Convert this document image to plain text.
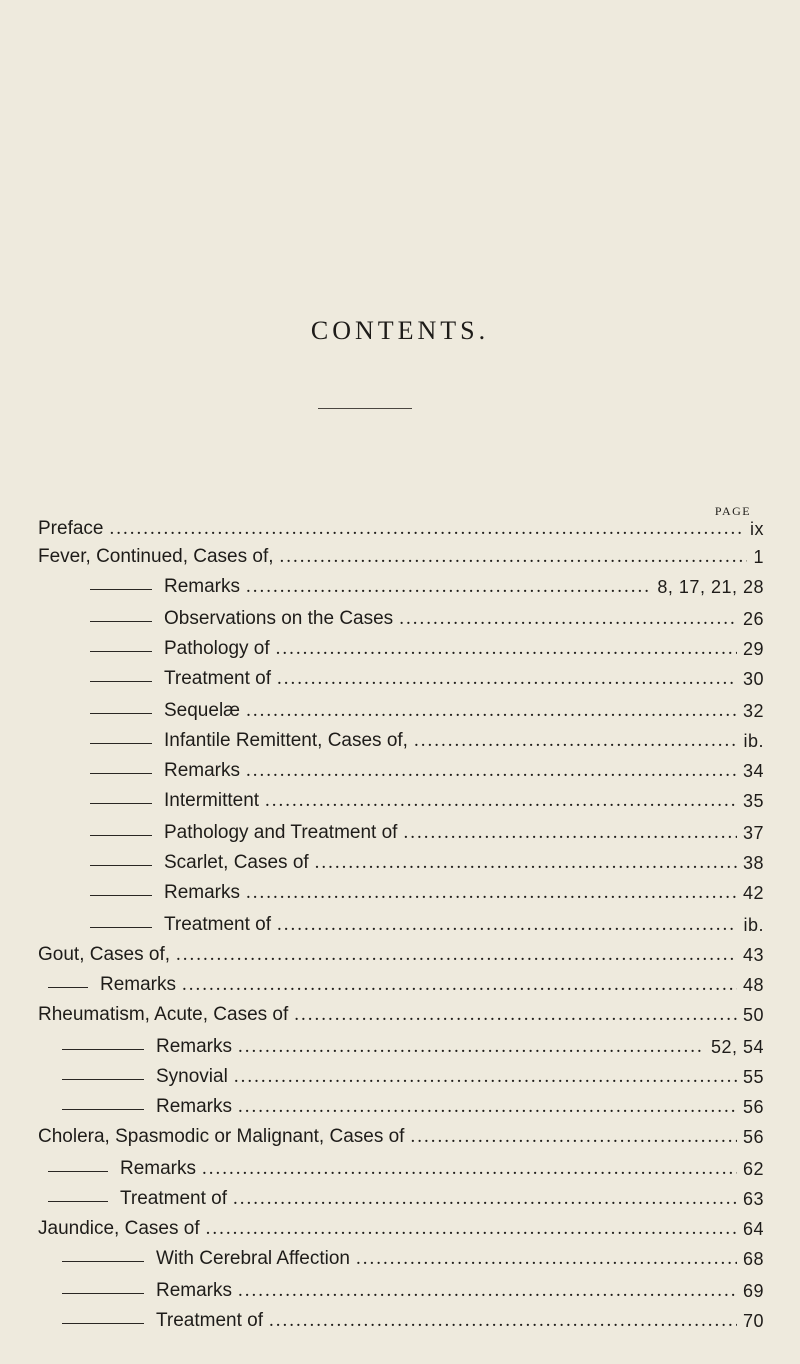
CONTENTS.
PAGE
Preface .....	ix
Fever, Continued, Cases of, .....	1
Remarks .....	8, 17, 21, 28
Observations on the Cases .....	26
Pathology of .....	29
Treatment of .....	30
Sequelæ .....	32
Infantile Remittent, Cases of, .....	ib.
Remarks .....	34
Intermittent .....	35
Pathology and Treatment of .....	37
Scarlet, Cases of .....	38
Remarks .....	42
Treatment of .....	ib.
Gout, Cases of, .....	43
Remarks .....	48
Rheumatism, Acute, Cases of .....	50
Remarks .....	52, 54
Synovial .....	55
Remarks .....	56
Cholera, Spasmodic or Malignant, Cases of .....	56
Remarks .....	62
Treatment of .....	63
Jaundice, Cases of .....	64
With Cerebral Affection .....	68
Remarks .....	69
Treatment of .....	70
